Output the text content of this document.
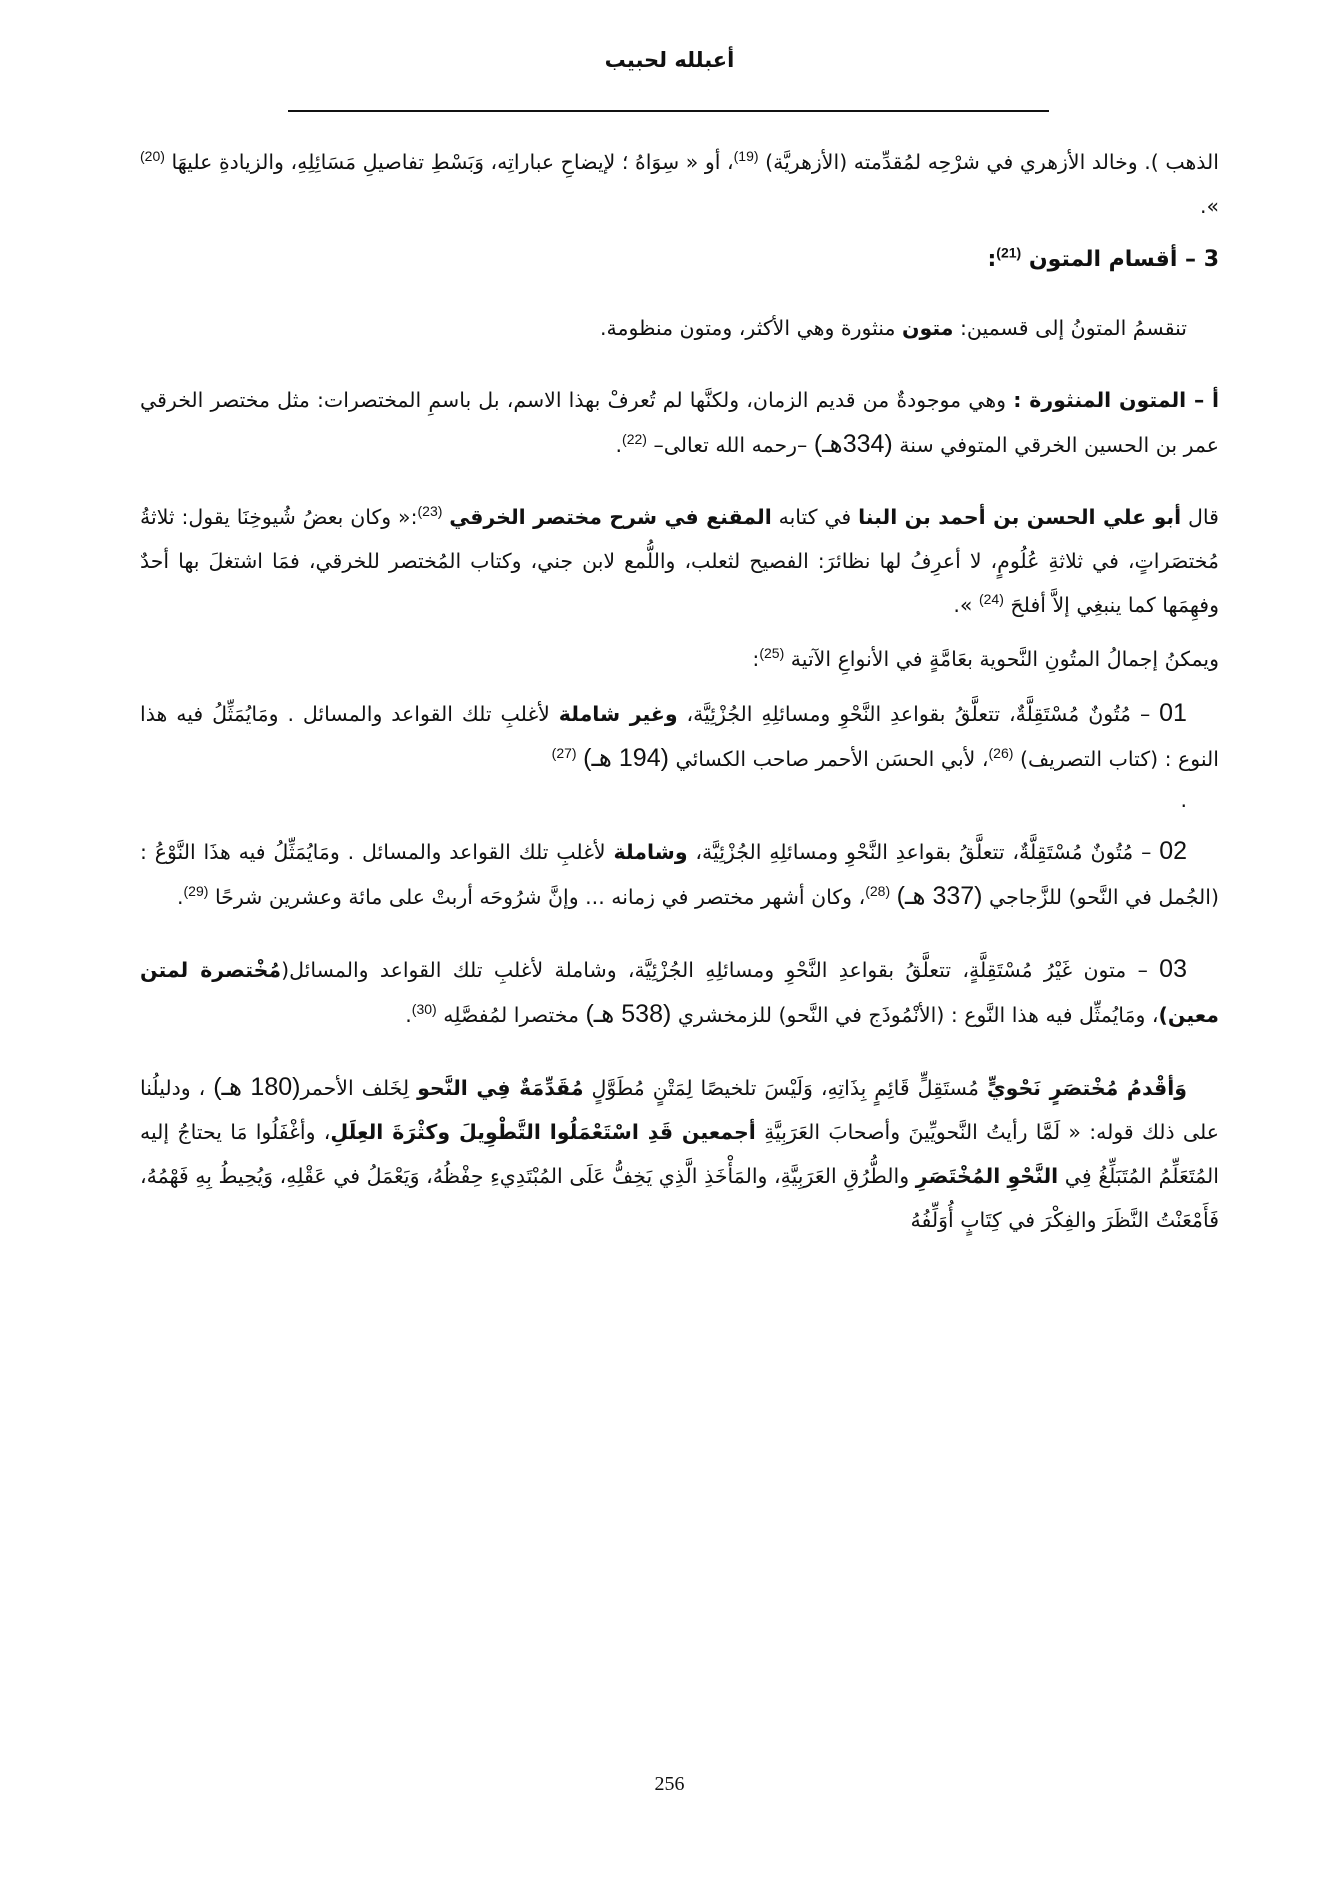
أعبلله لحبيب

الذهب ). وخالد الأزهري في شرْحِه لمُقدِّمته (الأزهريَّة) $^{(19)}$، أو « سِوَاهُ ؛ لإيضاحِ عباراتِه، وَبَسْطِ تفاصيلِ مَسَائِلِهِ، والزيادةِ عليهَا $^{(20)}$ ».

3 – أقسام المتون $^{(21)}$:

تنقسمُ المتونُ إلى قسمين: متون منثورة وهي الأكثر، ومتون منظومة.

أ – المتون المنثورة : وهي موجودةٌ من قديم الزمان، ولكنَّها لم تُعرفْ بهذا الاسم، بل باسمِ المختصرات: مثل مختصر الخرقي عمر بن الحسين الخرقي المتوفي سنة (334هـ) –رحمه الله تعالى– $^{(22)}$.

قال أبو علي الحسن بن أحمد بن البنا في كتابه المقنع في شرح مختصر الخرقي $^{(23)}$:« وكان بعضُ شُيوخِنَا يقول: ثلاثةُ مُختصَراتٍ، في ثلاثةِ عُلُومٍ، لا أعرِفُ لها نظائرَ: الفصيح لثعلب، واللُّمع لابن جني، وكتاب المُختصر للخرقي، فمَا اشتغلَ بها أحدٌ وفهِمَها كما ينبغِي إلاَّ أفلحَ $^{(24)}$ ».

ويمكنُ إجمالُ المتُونِ النَّحوية بعَامَّةٍ في الأنواعِ الآتية $^{(25)}$:

01 – مُتُونٌ مُسْتَقِلَّةٌ، تتعلَّقُ بقواعدِ النَّحْوِ ومسائلِهِ الجُزْئِيَّة، وغير شاملة لأغلبِ تلك القواعد والمسائل . ومَايُمَثِّلُ فيه هذا النوع : (كتاب التصريف) $^{(26)}$، لأبي الحسَن الأحمر صاحب الكسائي (194 هـ) $^{(27)}$
.

02 – مُتُونٌ مُسْتَقِلَّةٌ، تتعلَّقُ بقواعدِ النَّحْوِ ومسائلِهِ الجُزْئِيَّة، وشاملة لأغلبِ تلك القواعد والمسائل . ومَايُمَثِّلُ فيه هذَا النَّوْعُ :(الجُمل في النَّحو) للزَّجاجي (337 هـ) $^{(28)}$، وكان أشهر مختصر في زمانه ... وإنَّ شرُوحَه أربتْ على مائة وعشرين شرحًا $^{(29)}$.

03 – متون غَيْرُ مُسْتَقِلَّةٍ، تتعلَّقُ بقواعدِ النَّحْوِ ومسائلِهِ الجُزْئِيَّة، وشاملة لأغلبِ تلك القواعد والمسائل(مُخْتصرة لمتن معين)، ومَايُمثِّل فيه هذا النَّوع : (الأنْمُوذَج في النَّحو) للزمخشري (538 هـ) مختصرا لمُفصَّلِه $^{(30)}$.

وَأقْدمُ مُخْتصَرٍ نَحْويٍّ مُستَقِلٍّ قَائِمٍ بِذَاتِهِ، وَلَيْسَ تلخيصًا لِمَتْنٍ مُطَوَّلٍ مُقَدِّمَةٌ فِي النَّحو لِخَلف الأحمر(180 هـ) ، ودليلُنا على ذلك قوله: « لَمَّا رأيتُ النَّحويِّينَ وأصحابَ العَرَبِيَّةِ أجمعين قَدِ اسْتَعْمَلُوا التَّطْوِيلَ وكثْرَةَ العِلَلِ، وأغْفَلُوا مَا يحتاجُ إليه المُتَعَلِّمُ المُتَبَلِّغُ فِي النَّحْوِ المُخْتَصَرِ والطُّرُقِ العَرَبِيَّةِ، والمَأْخَذِ الَّذِي يَخِفُّ عَلَى المُبْتَدِيءِ حِفْظُهُ، وَيَعْمَلُ في عَقْلِهِ، وَيُحِيطُ بِهِ فَهْمُهُ، فَأَمْعَنْتُ النَّظَرَ والفِكْرَ في كِتَابٍ أُوَلِّفُهُ

256
